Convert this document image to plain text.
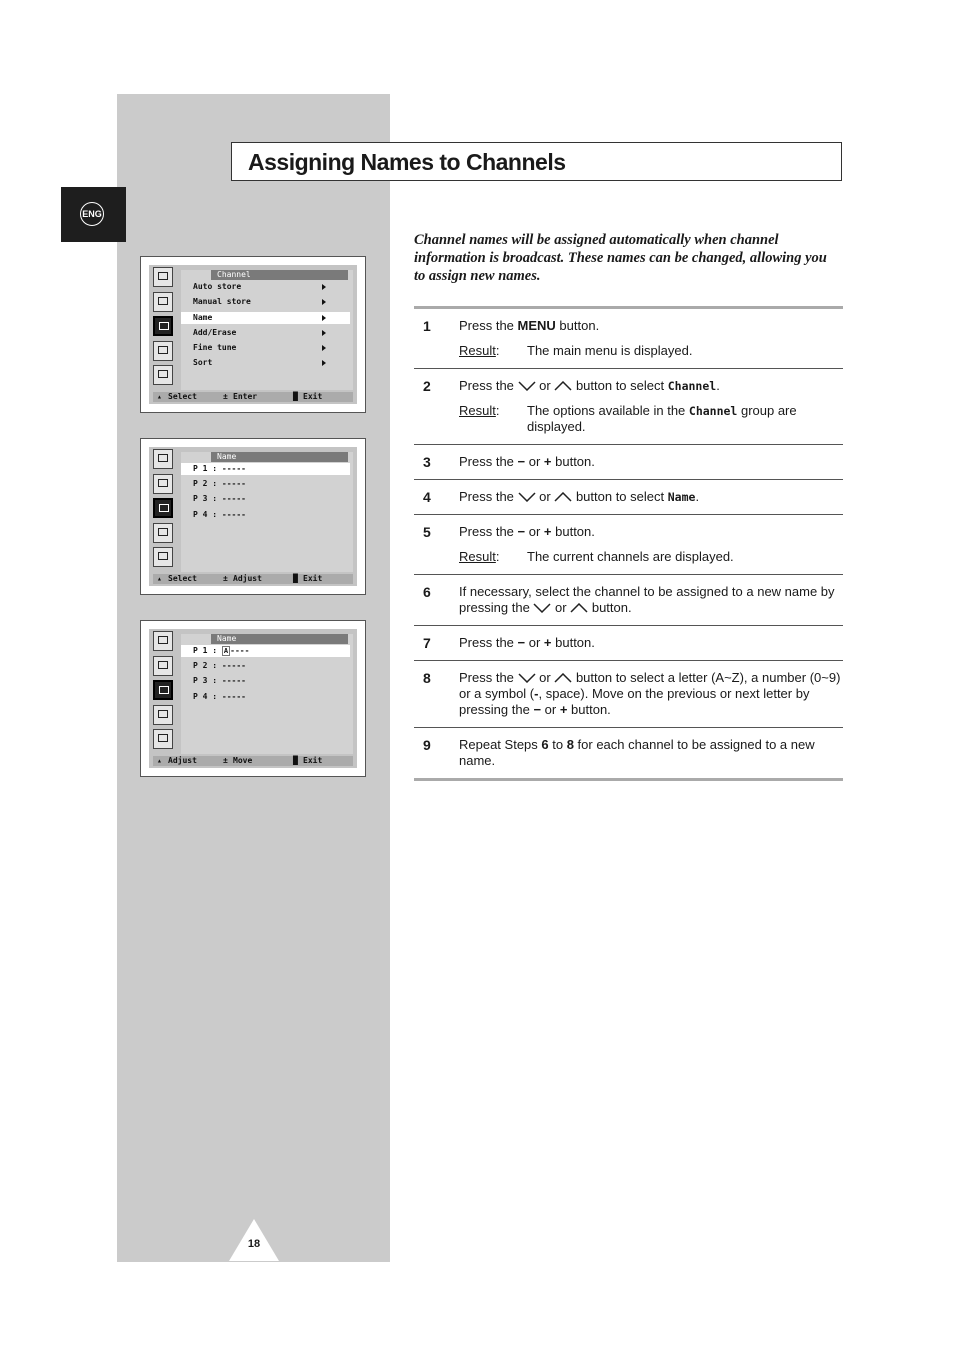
ENG
Assigning Names to Channels
Channel
Auto store
Manual store
Name
Add/Erase
Fine tune
Sort
▴ Select	± Enter	█ Exit
Name
P 1 : -----
P 2 : -----
P 3 : -----
P 4 : -----
▴ Select	± Adjust	█ Exit
Name
P 1 : A ----
P 2 : -----
P 3 : -----
P 4 : -----
▴ Adjust	± Move	█ Exit

Channel names will be assigned automatically when channel information is broadcast. These names can be changed, allowing you to assign new names.

1 Press the MENU button.
Result:	The main menu is displayed.
2 Press the  or  button to select Channel.
Result:	The options available in the Channel group are displayed.
3 Press the − or + button.
4 Press the  or  button to select Name.
5 Press the − or + button.
Result:	The current channels are displayed.
6 If necessary, select the channel to be assigned to a new name by pressing the  or  button.
7 Press the − or + button.
8 Press the  or  button to select a letter (A~Z), a number (0~9) or a symbol (-, space). Move on the previous or next letter by pressing the − or + button.
9 Repeat Steps 6 to 8 for each channel to be assigned to a new name.
18
